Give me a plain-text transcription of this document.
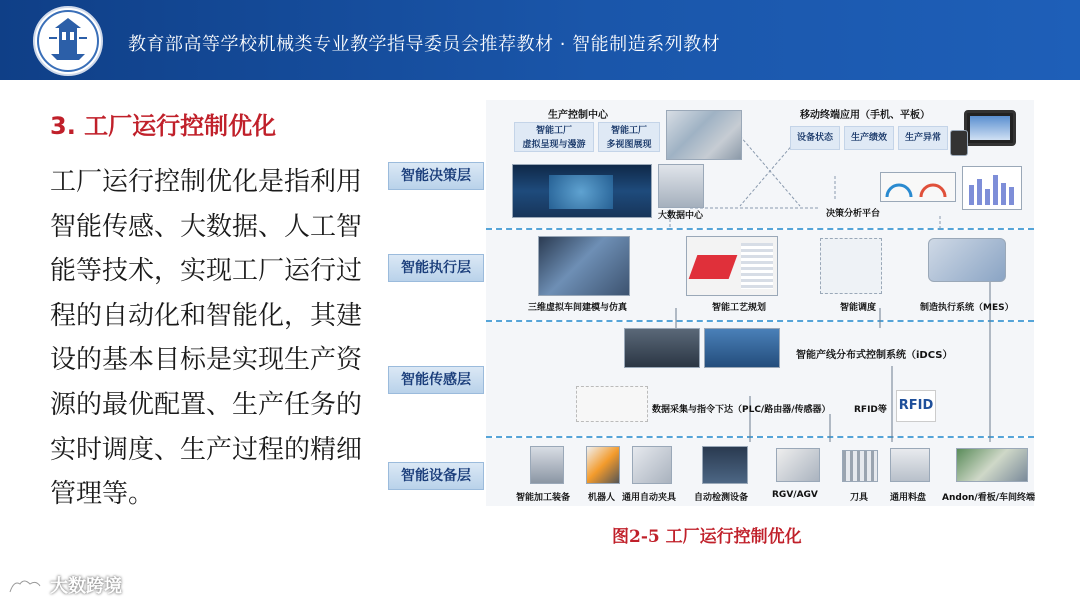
教育部高等学校机械类专业教学指导委员会推荐教材 · 智能制造系列教材
3. 工厂运行控制优化
工厂运行控制优化是指利用智能传感、大数据、人工智能等技术，实现工厂运行过程的自动化和智能化，其建设的基本目标是实现生产资源的最优配置、生产任务的实时调度、生产过程的精细管理等。
智能决策层
智能执行层
智能传感层
智能设备层
生产控制中心
智能工厂
虚拟呈现与漫游
智能工厂
多视图展现
大数据中心
移动终端应用（手机、平板）
设备状态	生产绩效	生产异常
决策分析平台
三维虚拟车间建模与仿真	智能工艺规划	智能调度	制造执行系统（MES）
智能产线分布式控制系统（iDCS）
数据采集与指令下达（PLC/路由器/传感器）	RFID等 RFID
智能加工装备 机器人 通用自动夹具 自动检测设备	RGV/AGV	刀具 通用料盘 Andon/看板/车间终端
图2-5 工厂运行控制优化
大数跨境
